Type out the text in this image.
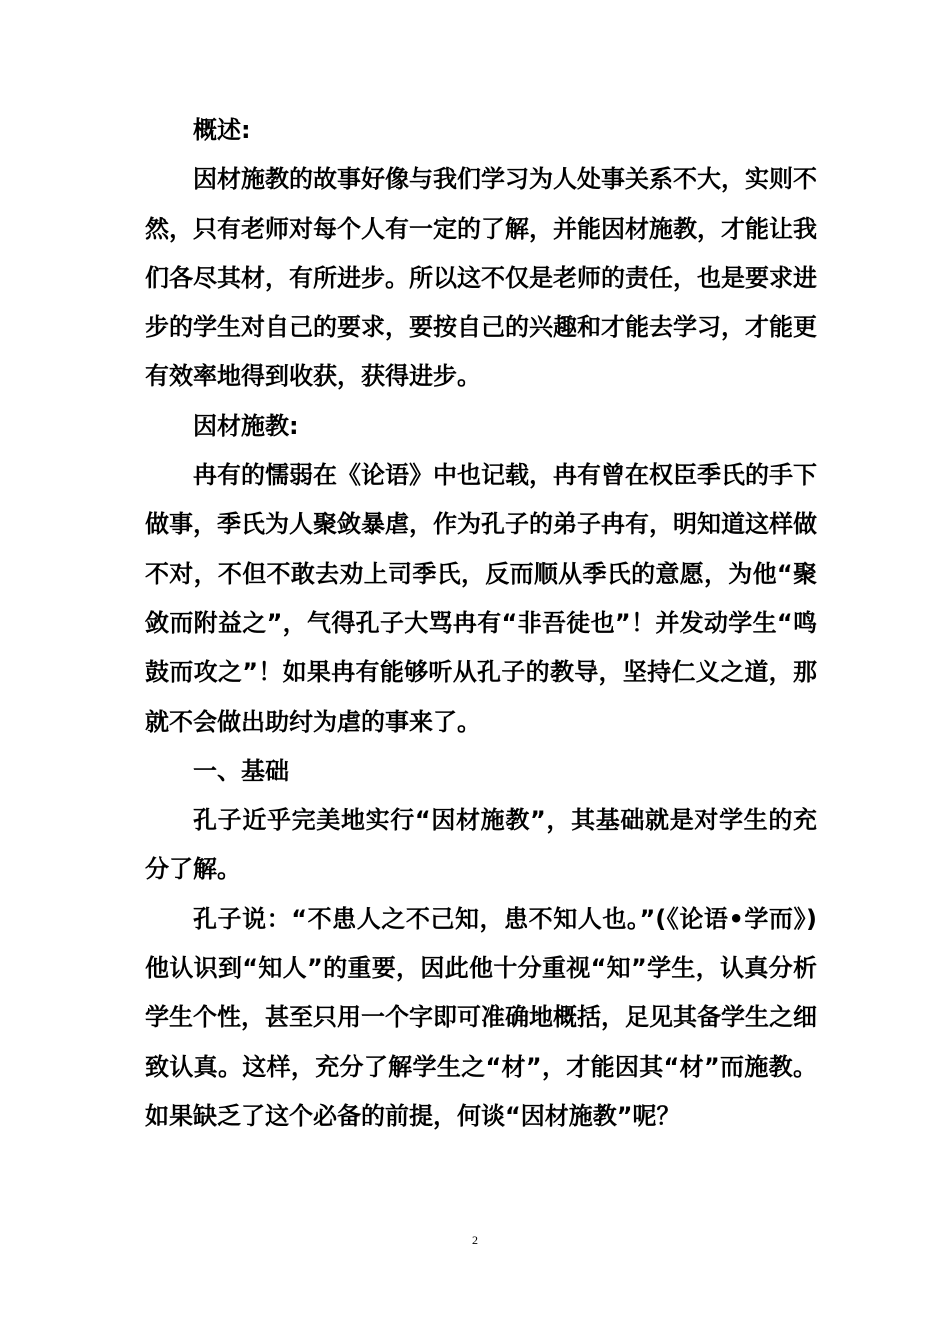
概述:

因材施教的故事好像与我们学习为人处事关系不大，实则不然，只有老师对每个人有一定的了解，并能因材施教，才能让我们各尽其材，有所进步。所以这不仅是老师的责任，也是要求进步的学生对自己的要求，要按自己的兴趣和才能去学习，才能更有效率地得到收获，获得进步。

因材施教:

冉有的懦弱在《论语》中也记载，冉有曾在权臣季氏的手下做事，季氏为人聚敛暴虐，作为孔子的弟子冉有，明知道这样做不对，不但不敢去劝上司季氏，反而顺从季氏的意愿，为他“聚敛而附益之”，气得孔子大骂冉有“非吾徒也”！并发动学生“鸣鼓而攻之”！如果冉有能够听从孔子的教导，坚持仁义之道，那就不会做出助纣为虐的事来了。

一、基础

孔子近乎完美地实行“因材施教”，其基础就是对学生的充分了解。

孔子说：“不患人之不己知，患不知人也。”(《论语•学而》)他认识到“知人”的重要，因此他十分重视“知”学生，认真分析学生个性，甚至只用一个字即可准确地概括，足见其备学生之细致认真。这样，充分了解学生之“材”，才能因其“材”而施教。如果缺乏了这个必备的前提，何谈“因材施教”呢？

2
